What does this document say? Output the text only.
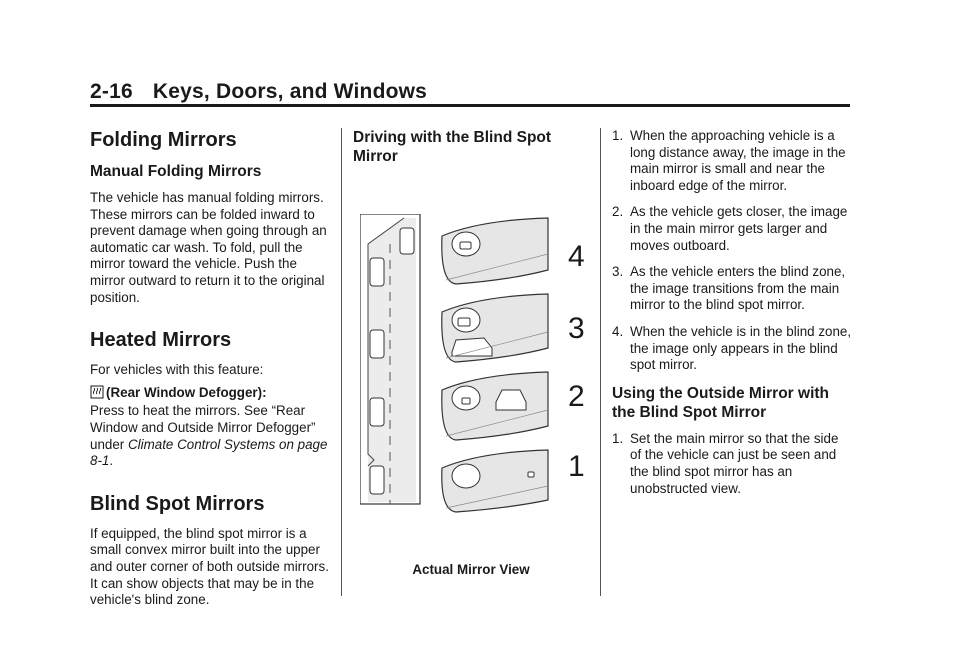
2-16 Keys, Doors, and Windows
Folding Mirrors
Manual Folding Mirrors

The vehicle has manual folding mirrors. These mirrors can be folded inward to prevent damage when going through an automatic car wash. To fold, pull the mirror toward the vehicle. Push the mirror outward to return it to the original position.

Heated Mirrors

For vehicles with this feature:

(Rear Window Defogger):

Press to heat the mirrors. See “Rear Window and Outside Mirror Defogger” under Climate Control Systems on page 8-1.

Blind Spot Mirrors

If equipped, the blind spot mirror is a small convex mirror built into the upper and outer corner of both outside mirrors. It can show objects that may be in the vehicle's blind zone.

Driving with the Blind Spot Mirror
4
3
2
1
Actual Mirror View
1. When the approaching vehicle is a long distance away, the image in the main mirror is small and near the inboard edge of the mirror.
2. As the vehicle gets closer, the image in the main mirror gets larger and moves outboard.
3. As the vehicle enters the blind zone, the image transitions from the main mirror to the blind spot mirror.
4. When the vehicle is in the blind zone, the image only appears in the blind spot mirror.
Using the Outside Mirror with the Blind Spot Mirror
1. Set the main mirror so that the side of the vehicle can just be seen and the blind spot mirror has an unobstructed view.
